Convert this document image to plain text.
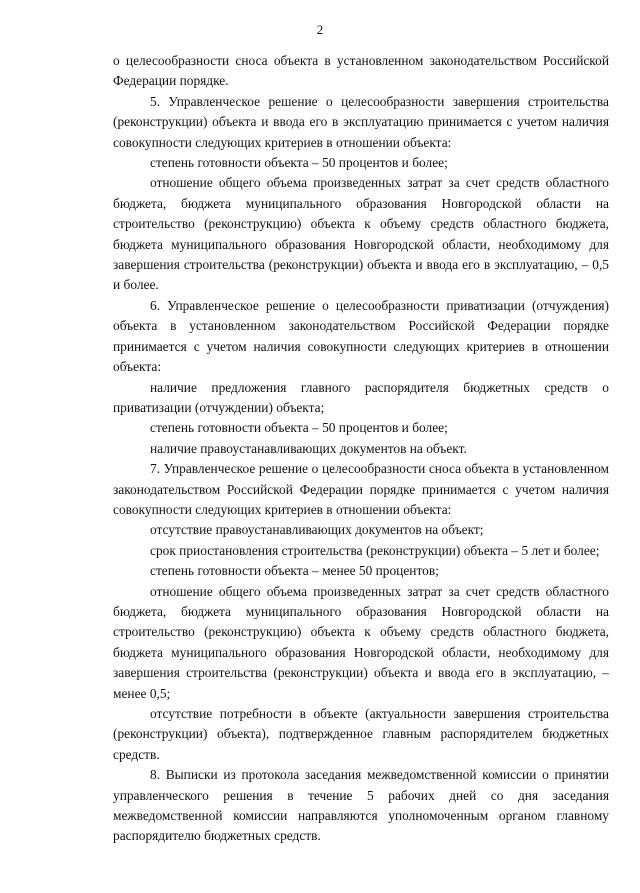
2

о целесообразности сноса объекта в установленном законодательством Российской Федерации порядке.

5. Управленческое решение о целесообразности завершения строительства (реконструкции) объекта и ввода его в эксплуатацию принимается с учетом наличия совокупности следующих критериев в отношении объекта:

степень готовности объекта – 50 процентов и более;

отношение общего объема произведенных затрат за счет средств областного бюджета, бюджета муниципального образования Новгородской области на строительство (реконструкцию) объекта к объему средств областного бюджета, бюджета муниципального образования Новгородской области, необходимому для завершения строительства (реконструкции) объекта и ввода его в эксплуатацию, – 0,5 и более.

6. Управленческое решение о целесообразности приватизации (отчуждения) объекта в установленном законодательством Российской Федерации порядке принимается с учетом наличия совокупности следующих критериев в отношении объекта:

наличие предложения главного распорядителя бюджетных средств о приватизации (отчуждении) объекта;

степень готовности объекта – 50 процентов и более;

наличие правоустанавливающих документов на объект.

7. Управленческое решение о целесообразности сноса объекта в установленном законодательством Российской Федерации порядке принимается с учетом наличия совокупности следующих критериев в отношении объекта:

отсутствие правоустанавливающих документов на объект;

срок приостановления строительства (реконструкции) объекта – 5 лет и более;

степень готовности объекта – менее 50 процентов;

отношение общего объема произведенных затрат за счет средств областного бюджета, бюджета муниципального образования Новгородской области на строительство (реконструкцию) объекта к объему средств областного бюджета, бюджета муниципального образования Новгородской области, необходимому для завершения строительства (реконструкции) объекта и ввода его в эксплуатацию, – менее 0,5;

отсутствие потребности в объекте (актуальности завершения строительства (реконструкции) объекта), подтвержденное главным распорядителем бюджетных средств.

8. Выписки из протокола заседания межведомственной комиссии о принятии управленческого решения в течение 5 рабочих дней со дня заседания межведомственной комиссии направляются уполномоченным органом главному распорядителю бюджетных средств.
